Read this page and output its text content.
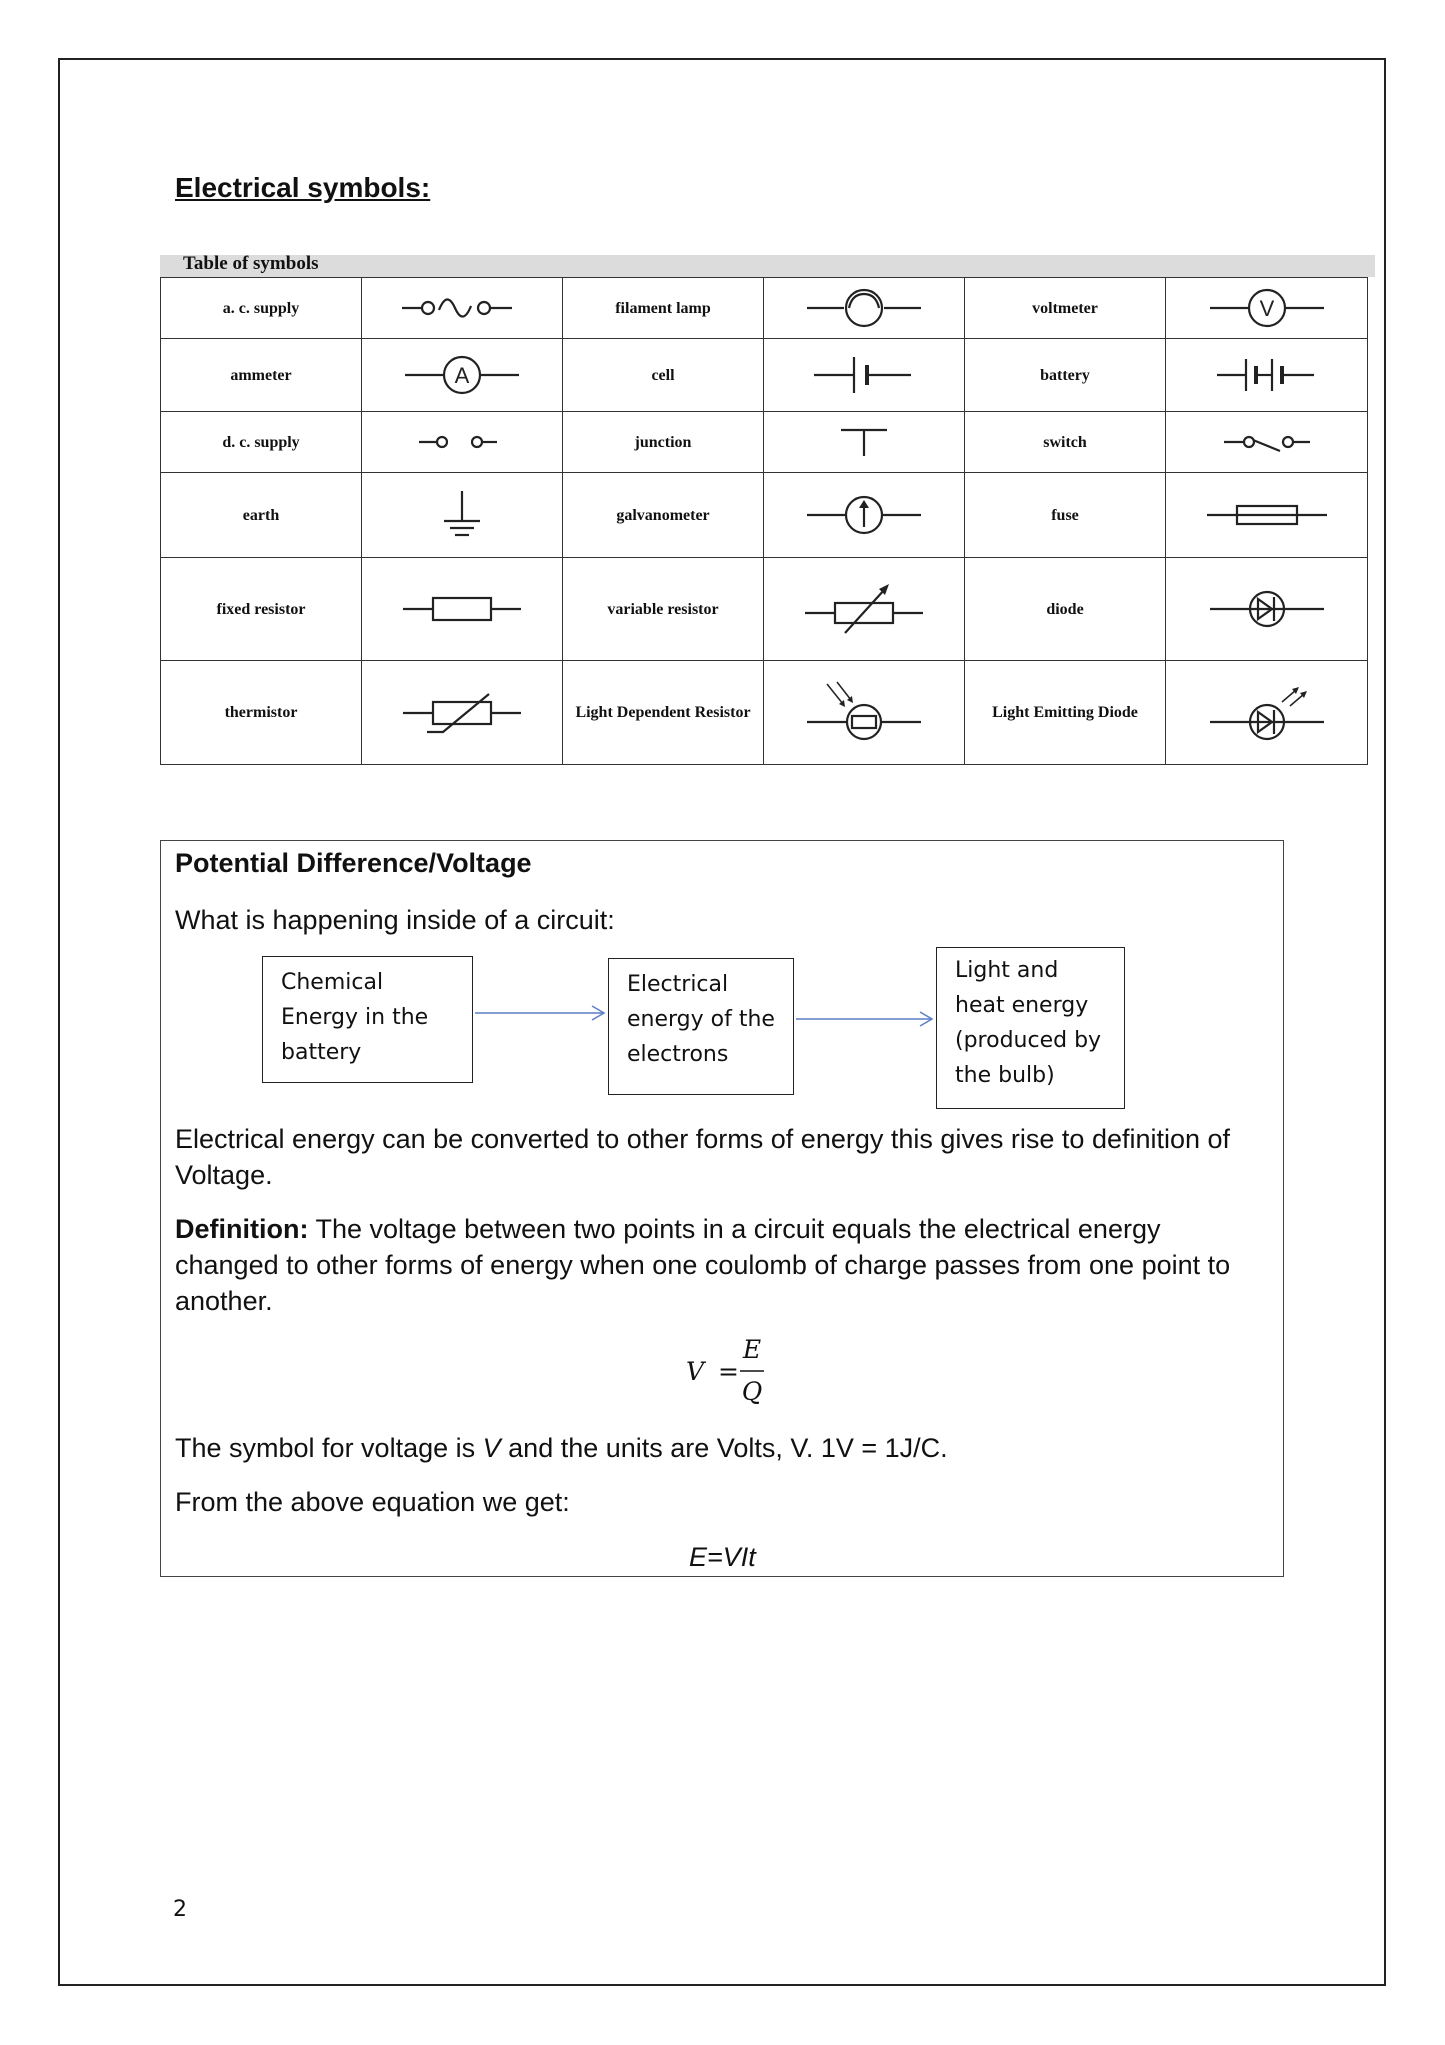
Electrical symbols:
Table of symbols
a. c. supply		filament lamp		voltmeter	V

ammeter	A	cell		battery	

d. c. supply		junction		switch	

earth		galvanometer		fuse	

fixed resistor		variable resistor		diode	

thermistor		Light Dependent Resistor		Light Emitting Diode	
Potential Difference/Voltage
What is happening inside of a circuit:
Chemical Energy in the battery
Electrical energy of the electrons
Light and heat energy (produced by the bulb)
Electrical energy can be converted to other forms of energy this gives rise to definition of Voltage.
Definition: The voltage between two points in a circuit equals the electrical energy changed to other forms of energy when one coulomb of charge passes from one point to another.
V =
E
Q
The symbol for voltage is V and the units are Volts, V. 1V = 1J/C.
From the above equation we get:
E=VIt
2
